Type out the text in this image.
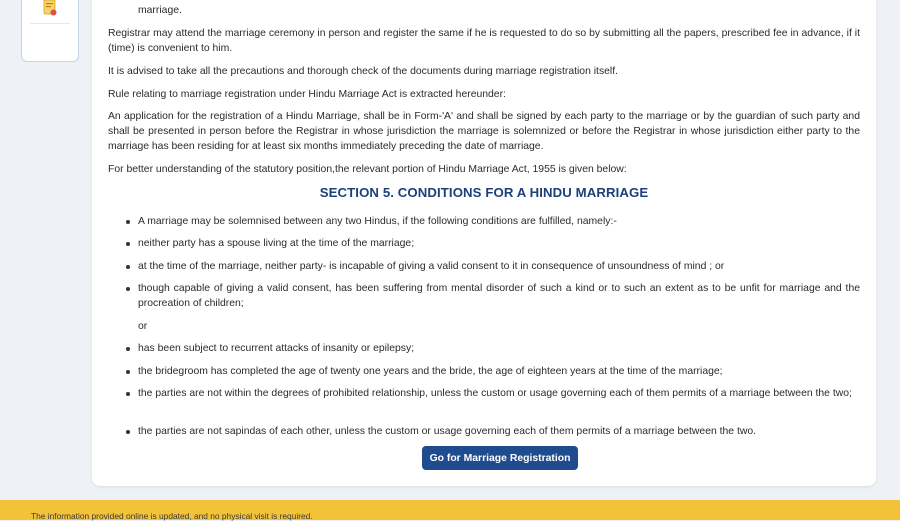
marriage.

Registrar may attend the marriage ceremony in person and register the same if he is requested to do so by submitting all the papers, prescribed fee in advance, if it (time) is convenient to him.

It is advised to take all the precautions and thorough check of the documents during marriage registration itself.

Rule relating to marriage registration under Hindu Marriage Act is extracted hereunder:

An application for the registration of a Hindu Marriage, shall be in Form-'A' and shall be signed by each party to the marriage or by the guardian of such party and shall be presented in person before the Registrar in whose jurisdiction the marriage is solemnized or before the Registrar in whose jurisdiction either party to the marriage has been residing for at least six months immediately preceding the date of marriage.

For better understanding of the statutory position,the relevant portion of Hindu Marriage Act, 1955 is given below:

SECTION 5. CONDITIONS FOR A HINDU MARRIAGE
A marriage may be solemnised between any two Hindus, if the following conditions are fulfilled, namely:-
neither party has a spouse living at the time of the marriage;
at the time of the marriage, neither party- is incapable of giving a valid consent to it in consequence of unsoundness of mind ; or
though capable of giving a valid consent, has been suffering from mental disorder of such a kind or to such an extent as to be unfit for marriage and the procreation of children;
or
has been subject to recurrent attacks of insanity or epilepsy;
the bridegroom has completed the age of twenty one years and the bride, the age of eighteen years at the time of the marriage;
the parties are not within the degrees of prohibited relationship, unless the custom or usage governing each of them permits of a marriage between the two;
the parties are not sapindas of each other, unless the custom or usage governing each of them permits of a marriage between the two.
Go for Marriage Registration
The information provided online is updated, and no physical visit is required.
